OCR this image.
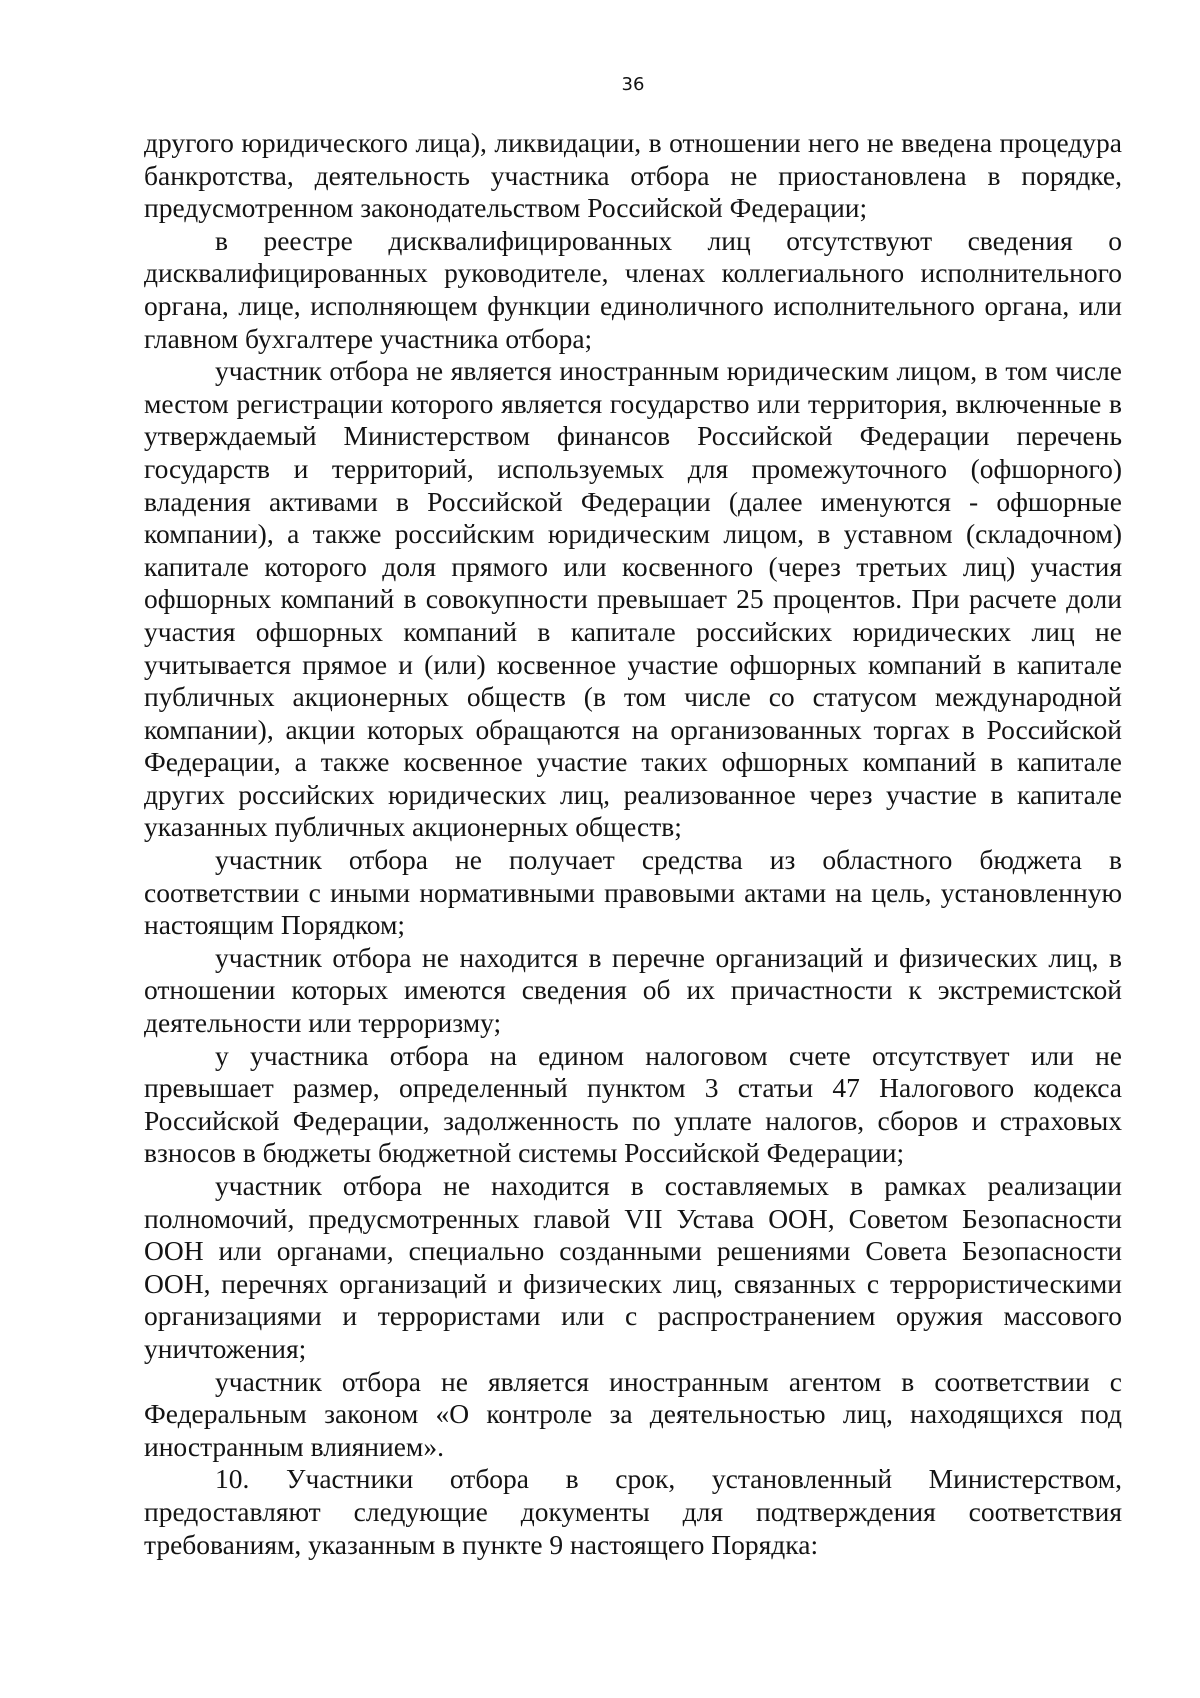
36

другого юридического лица), ликвидации, в отношении него не введена процедура банкротства, деятельность участника отбора не приостановлена в порядке, предусмотренном законодательством Российской Федерации;

в реестре дисквалифицированных лиц отсутствуют сведения о дисквалифицированных руководителе, членах коллегиального исполнительного органа, лице, исполняющем функции единоличного исполнительного органа, или главном бухгалтере участника отбора;

участник отбора не является иностранным юридическим лицом, в том числе местом регистрации которого является государство или территория, включенные в утверждаемый Министерством финансов Российской Федерации перечень государств и территорий, используемых для промежуточного (офшорного) владения активами в Российской Федерации (далее именуются - офшорные компании), а также российским юридическим лицом, в уставном (складочном) капитале которого доля прямого или косвенного (через третьих лиц) участия офшорных компаний в совокупности превышает 25 процентов. При расчете доли участия офшорных компаний в капитале российских юридических лиц не учитывается прямое и (или) косвенное участие офшорных компаний в капитале публичных акционерных обществ (в том числе со статусом международной компании), акции которых обращаются на организованных торгах в Российской Федерации, а также косвенное участие таких офшорных компаний в капитале других российских юридических лиц, реализованное через участие в капитале указанных публичных акционерных обществ;

участник отбора не получает средства из областного бюджета в соответствии с иными нормативными правовыми актами на цель, установленную настоящим Порядком;

участник отбора не находится в перечне организаций и физических лиц, в отношении которых имеются сведения об их причастности к экстремистской деятельности или терроризму;

у участника отбора на едином налоговом счете отсутствует или не превышает размер, определенный пунктом 3 статьи 47 Налогового кодекса Российской Федерации, задолженность по уплате налогов, сборов и страховых взносов в бюджеты бюджетной системы Российской Федерации;

участник отбора не находится в составляемых в рамках реализации полномочий, предусмотренных главой VII Устава ООН, Советом Безопасности ООН или органами, специально созданными решениями Совета Безопасности ООН, перечнях организаций и физических лиц, связанных с террористическими организациями и террористами или с распространением оружия массового уничтожения;

участник отбора не является иностранным агентом в соответствии с Федеральным законом «О контроле за деятельностью лиц, находящихся под иностранным влиянием».

10. Участники отбора в срок, установленный Министерством, предоставляют следующие документы для подтверждения соответствия требованиям, указанным в пункте 9 настоящего Порядка:
